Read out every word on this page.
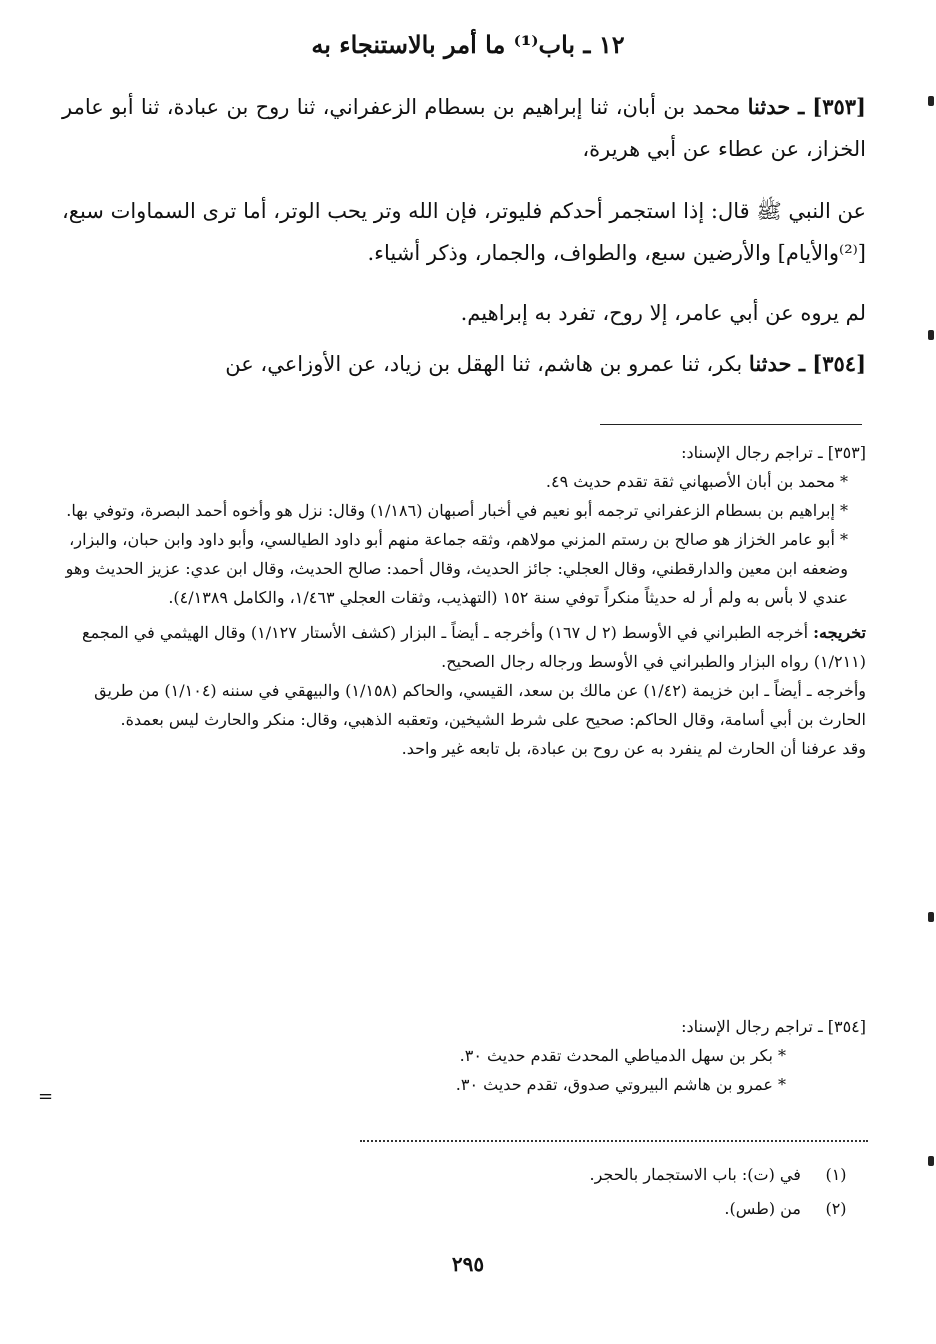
١٢ ـ باب⁽¹⁾ ما أمر بالاستنجاء به

[٣٥٣] ـ حدثنا محمد بن أبان، ثنا إبراهيم بن بسطام الزعفراني، ثنا روح بن عبادة، ثنا أبو عامر الخزاز، عن عطاء عن أبي هريرة،

عن النبي ﷺ قال: إذا استجمر أحدكم فليوتر، فإن الله وتر يحب الوتر، أما ترى السماوات سبع، [⁽²⁾والأيام] والأرضين سبع، والطواف، والجمار، وذكر أشياء.

لم يروه عن أبي عامر، إلا روح، تفرد به إبراهيم.

[٣٥٤] ـ حدثنا بكر، ثنا عمرو بن هاشم، ثنا الهقل بن زياد، عن الأوزاعي، عن

[٣٥٣] ـ تراجم رجال الإسناد:

* محمد بن أبان الأصبهاني ثقة تقدم حديث ٤٩.

* إبراهيم بن بسطام الزعفراني ترجمه أبو نعيم في أخبار أصبهان (١/١٨٦) وقال: نزل هو وأخوه أحمد البصرة، وتوفي بها.

* أبو عامر الخزاز هو صالح بن رستم المزني مولاهم، وثقه جماعة منهم أبو داود الطيالسي، وأبو داود وابن حبان، والبزار، وضعفه ابن معين والدارقطني، وقال العجلي: جائز الحديث، وقال أحمد: صالح الحديث، وقال ابن عدي: عزيز الحديث وهو عندي لا بأس به ولم أر له حديثاً منكراً توفي سنة ١٥٢ (التهذيب، وثقات العجلي ١/٤٦٣، والكامل ٤/١٣٨٩).

تخريجه: أخرجه الطبراني في الأوسط (٢ ل ١٦٧) وأخرجه ـ أيضاً ـ البزار (كشف الأستار ١/١٢٧) وقال الهيثمي في المجمع (١/٢١١) رواه البزار والطبراني في الأوسط ورجاله رجال الصحيح.

وأخرجه ـ أيضاً ـ ابن خزيمة (١/٤٢) عن مالك بن سعد، القيسي، والحاكم (١/١٥٨) والبيهقي في سننه (١/١٠٤) من طريق الحارث بن أبي أسامة، وقال الحاكم: صحيح على شرط الشيخين، وتعقبه الذهبي، وقال: منكر والحارث ليس بعمدة.

وقد عرفنا أن الحارث لم ينفرد به عن روح بن عبادة، بل تابعه غير واحد.

[٣٥٤] ـ تراجم رجال الإسناد:

* بكر بن سهل الدمياطي المحدث تقدم حديث ٣٠.

* عمرو بن هاشم البيروتي صدوق، تقدم حديث ٣٠.

(١) في (ت): باب الاستجمار بالحجر.
(٢) من (طس).
٢٩٥
=
